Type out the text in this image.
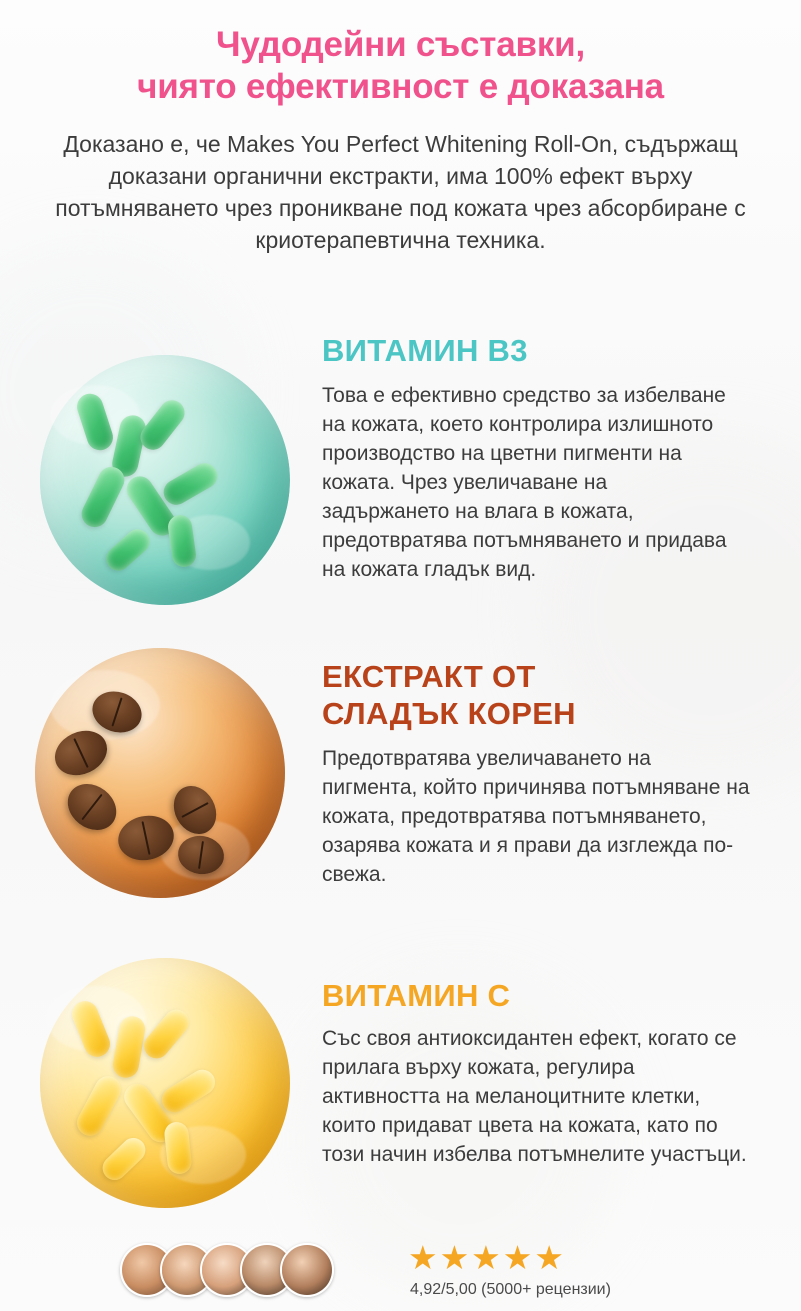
Чудодейни съставки,
чиято ефективност е доказана
Доказано е, че Makes You Perfect Whitening Roll-On, съдържащ доказани органични екстракти, има 100% ефект върху потъмняването чрез проникване под кожата чрез абсорбиране с криотерапевтична техника.
ВИТАМИН B3
Това е ефективно средство за избелване на кожата, което контролира излишното производство на цветни пигменти на кожата. Чрез увеличаване на задържането на влага в кожата, предотвратява потъмняването и придава на кожата гладък вид.
ЕКСТРАКТ ОТ
СЛАДЪК КОРЕН
Предотвратява увеличаването на пигмента, който причинява потъмняване на кожата, предотвратява потъмняването, озарява кожата и я прави да изглежда по-свежа.
ВИТАМИН C
Със своя антиоксидантен ефект, когато се прилага върху кожата, регулира активността на меланоцитните клетки, които придават цвета на кожата, като по този начин избелва потъмнелите участъци.
★★★★★
4,92/5,00 (5000+ рецензии)
